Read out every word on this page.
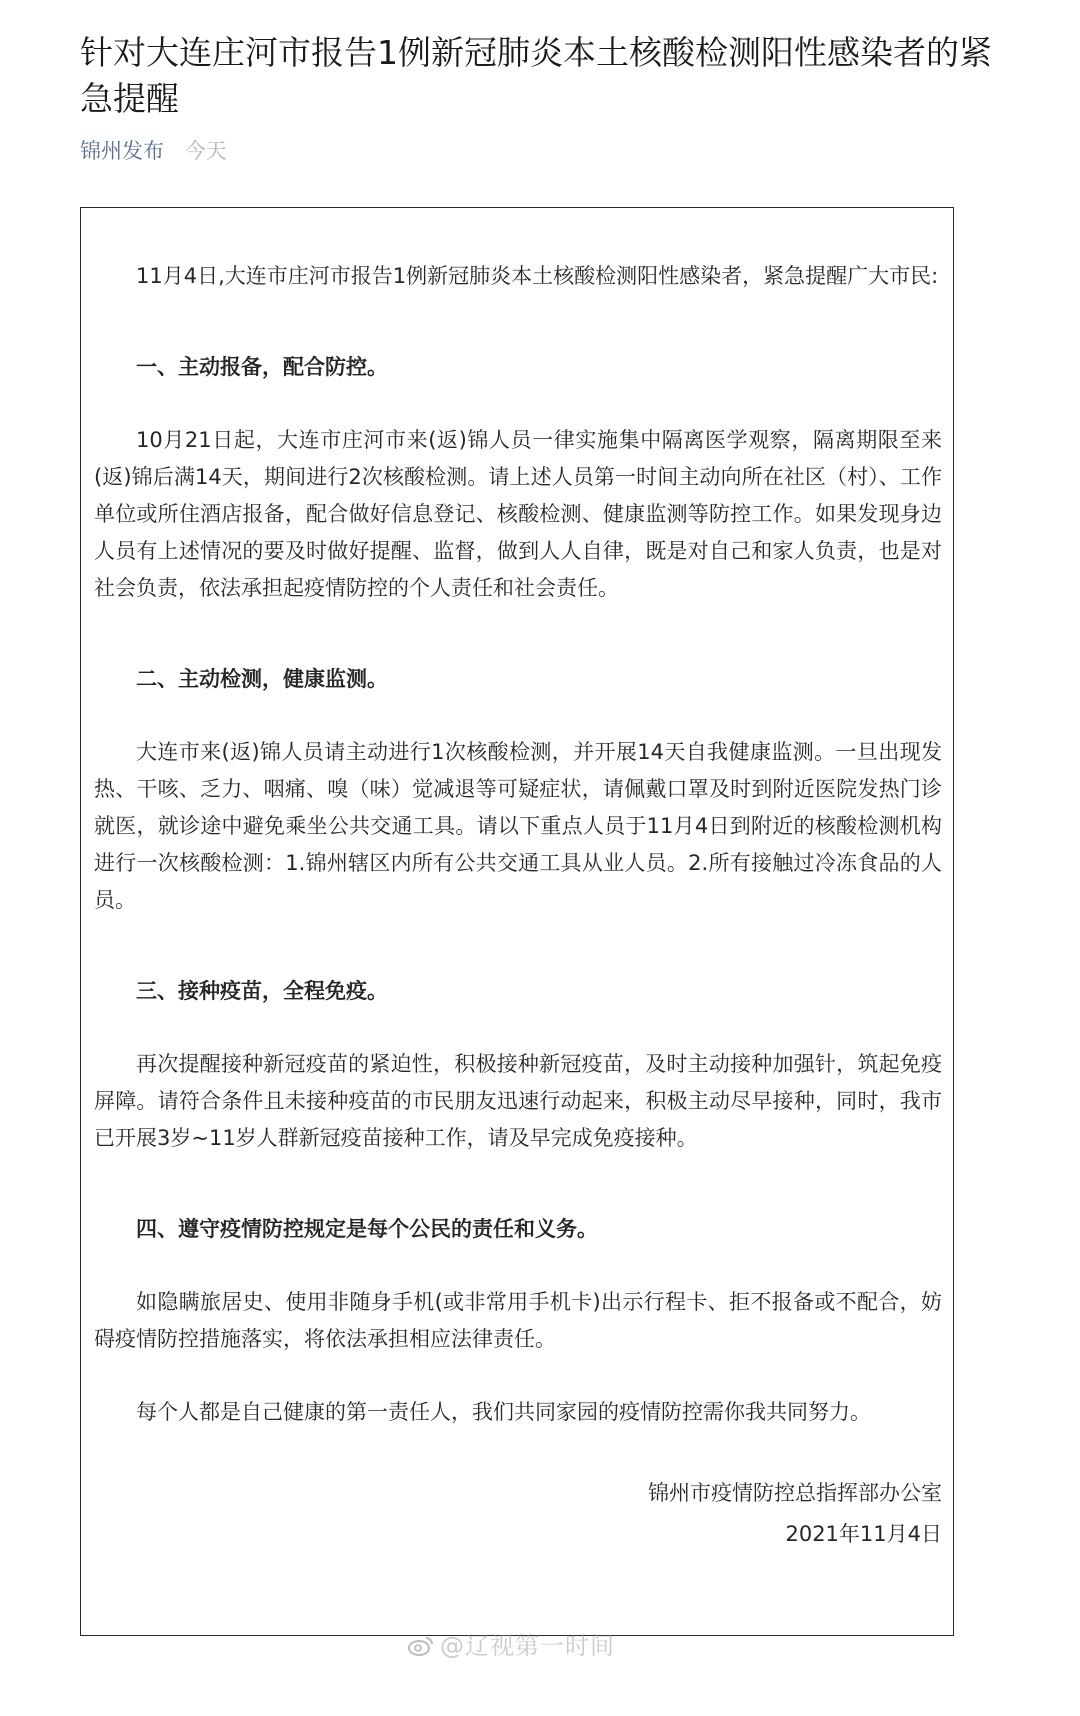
针对大连庄河市报告1例新冠肺炎本土核酸检测阳性感染者的紧急提醒
锦州发布 今天

11月4日,大连市庄河市报告1例新冠肺炎本土核酸检测阳性感染者，紧急提醒广大市民:

一、主动报备，配合防控。

10月21日起，大连市庄河市来(返)锦人员一律实施集中隔离医学观察，隔离期限至来(返)锦后满14天，期间进行2次核酸检测。请上述人员第一时间主动向所在社区（村）、工作单位或所住酒店报备，配合做好信息登记、核酸检测、健康监测等防控工作。如果发现身边人员有上述情况的要及时做好提醒、监督，做到人人自律，既是对自己和家人负责，也是对社会负责，依法承担起疫情防控的个人责任和社会责任。

二、主动检测，健康监测。

大连市来(返)锦人员请主动进行1次核酸检测，并开展14天自我健康监测。一旦出现发热、干咳、乏力、咽痛、嗅（味）觉减退等可疑症状，请佩戴口罩及时到附近医院发热门诊就医，就诊途中避免乘坐公共交通工具。请以下重点人员于11月4日到附近的核酸检测机构进行一次核酸检测：1.锦州辖区内所有公共交通工具从业人员。2.所有接触过冷冻食品的人员。

三、接种疫苗，全程免疫。

再次提醒接种新冠疫苗的紧迫性，积极接种新冠疫苗，及时主动接种加强针，筑起免疫屏障。请符合条件且未接种疫苗的市民朋友迅速行动起来，积极主动尽早接种，同时，我市已开展3岁~11岁人群新冠疫苗接种工作，请及早完成免疫接种。

四、遵守疫情防控规定是每个公民的责任和义务。

如隐瞒旅居史、使用非随身手机(或非常用手机卡)出示行程卡、拒不报备或不配合，妨碍疫情防控措施落实，将依法承担相应法律责任。

每个人都是自己健康的第一责任人，我们共同家园的疫情防控需你我共同努力。

锦州市疫情防控总指挥部办公室
2021年11月4日
@辽视第一时间
